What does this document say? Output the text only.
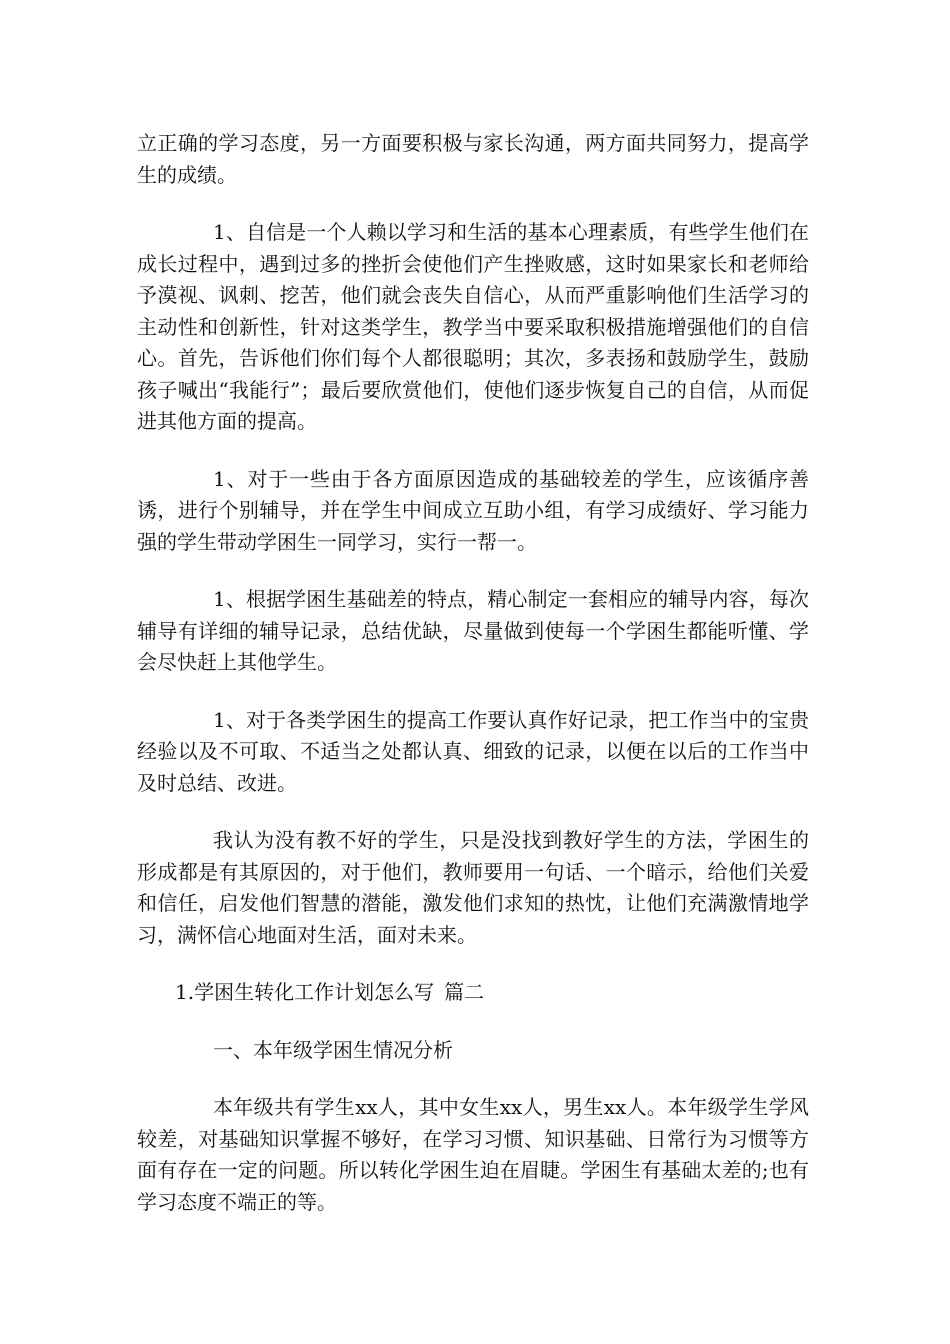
立正确的学习态度，另一方面要积极与家长沟通，两方面共同努力，提高学生的成绩。

1、自信是一个人赖以学习和生活的基本心理素质，有些学生他们在成长过程中，遇到过多的挫折会使他们产生挫败感，这时如果家长和老师给予漠视、讽刺、挖苦，他们就会丧失自信心，从而严重影响他们生活学习的主动性和创新性，针对这类学生，教学当中要采取积极措施增强他们的自信心。首先，告诉他们你们每个人都很聪明；其次，多表扬和鼓励学生，鼓励孩子喊出“我能行”；最后要欣赏他们，使他们逐步恢复自己的自信，从而促进其他方面的提高。

1、对于一些由于各方面原因造成的基础较差的学生，应该循序善诱，进行个别辅导，并在学生中间成立互助小组，有学习成绩好、学习能力强的学生带动学困生一同学习，实行一帮一。

1、根据学困生基础差的特点，精心制定一套相应的辅导内容，每次辅导有详细的辅导记录，总结优缺，尽量做到使每一个学困生都能听懂、学会尽快赶上其他学生。

1、对于各类学困生的提高工作要认真作好记录，把工作当中的宝贵经验以及不可取、不适当之处都认真、细致的记录，以便在以后的工作当中及时总结、改进。

我认为没有教不好的学生，只是没找到教好学生的方法，学困生的形成都是有其原因的，对于他们，教师要用一句话、一个暗示，给他们关爱和信任，启发他们智慧的潜能，激发他们求知的热忱，让他们充满激情地学习，满怀信心地面对生活，面对未来。

1.学困生转化工作计划怎么写 篇二
一、本年级学困生情况分析

本年级共有学生xx人，其中女生xx人，男生xx人。本年级学生学风较差，对基础知识掌握不够好，在学习习惯、知识基础、日常行为习惯等方面有存在一定的问题。所以转化学困生迫在眉睫。学困生有基础太差的;也有学习态度不端正的等。
